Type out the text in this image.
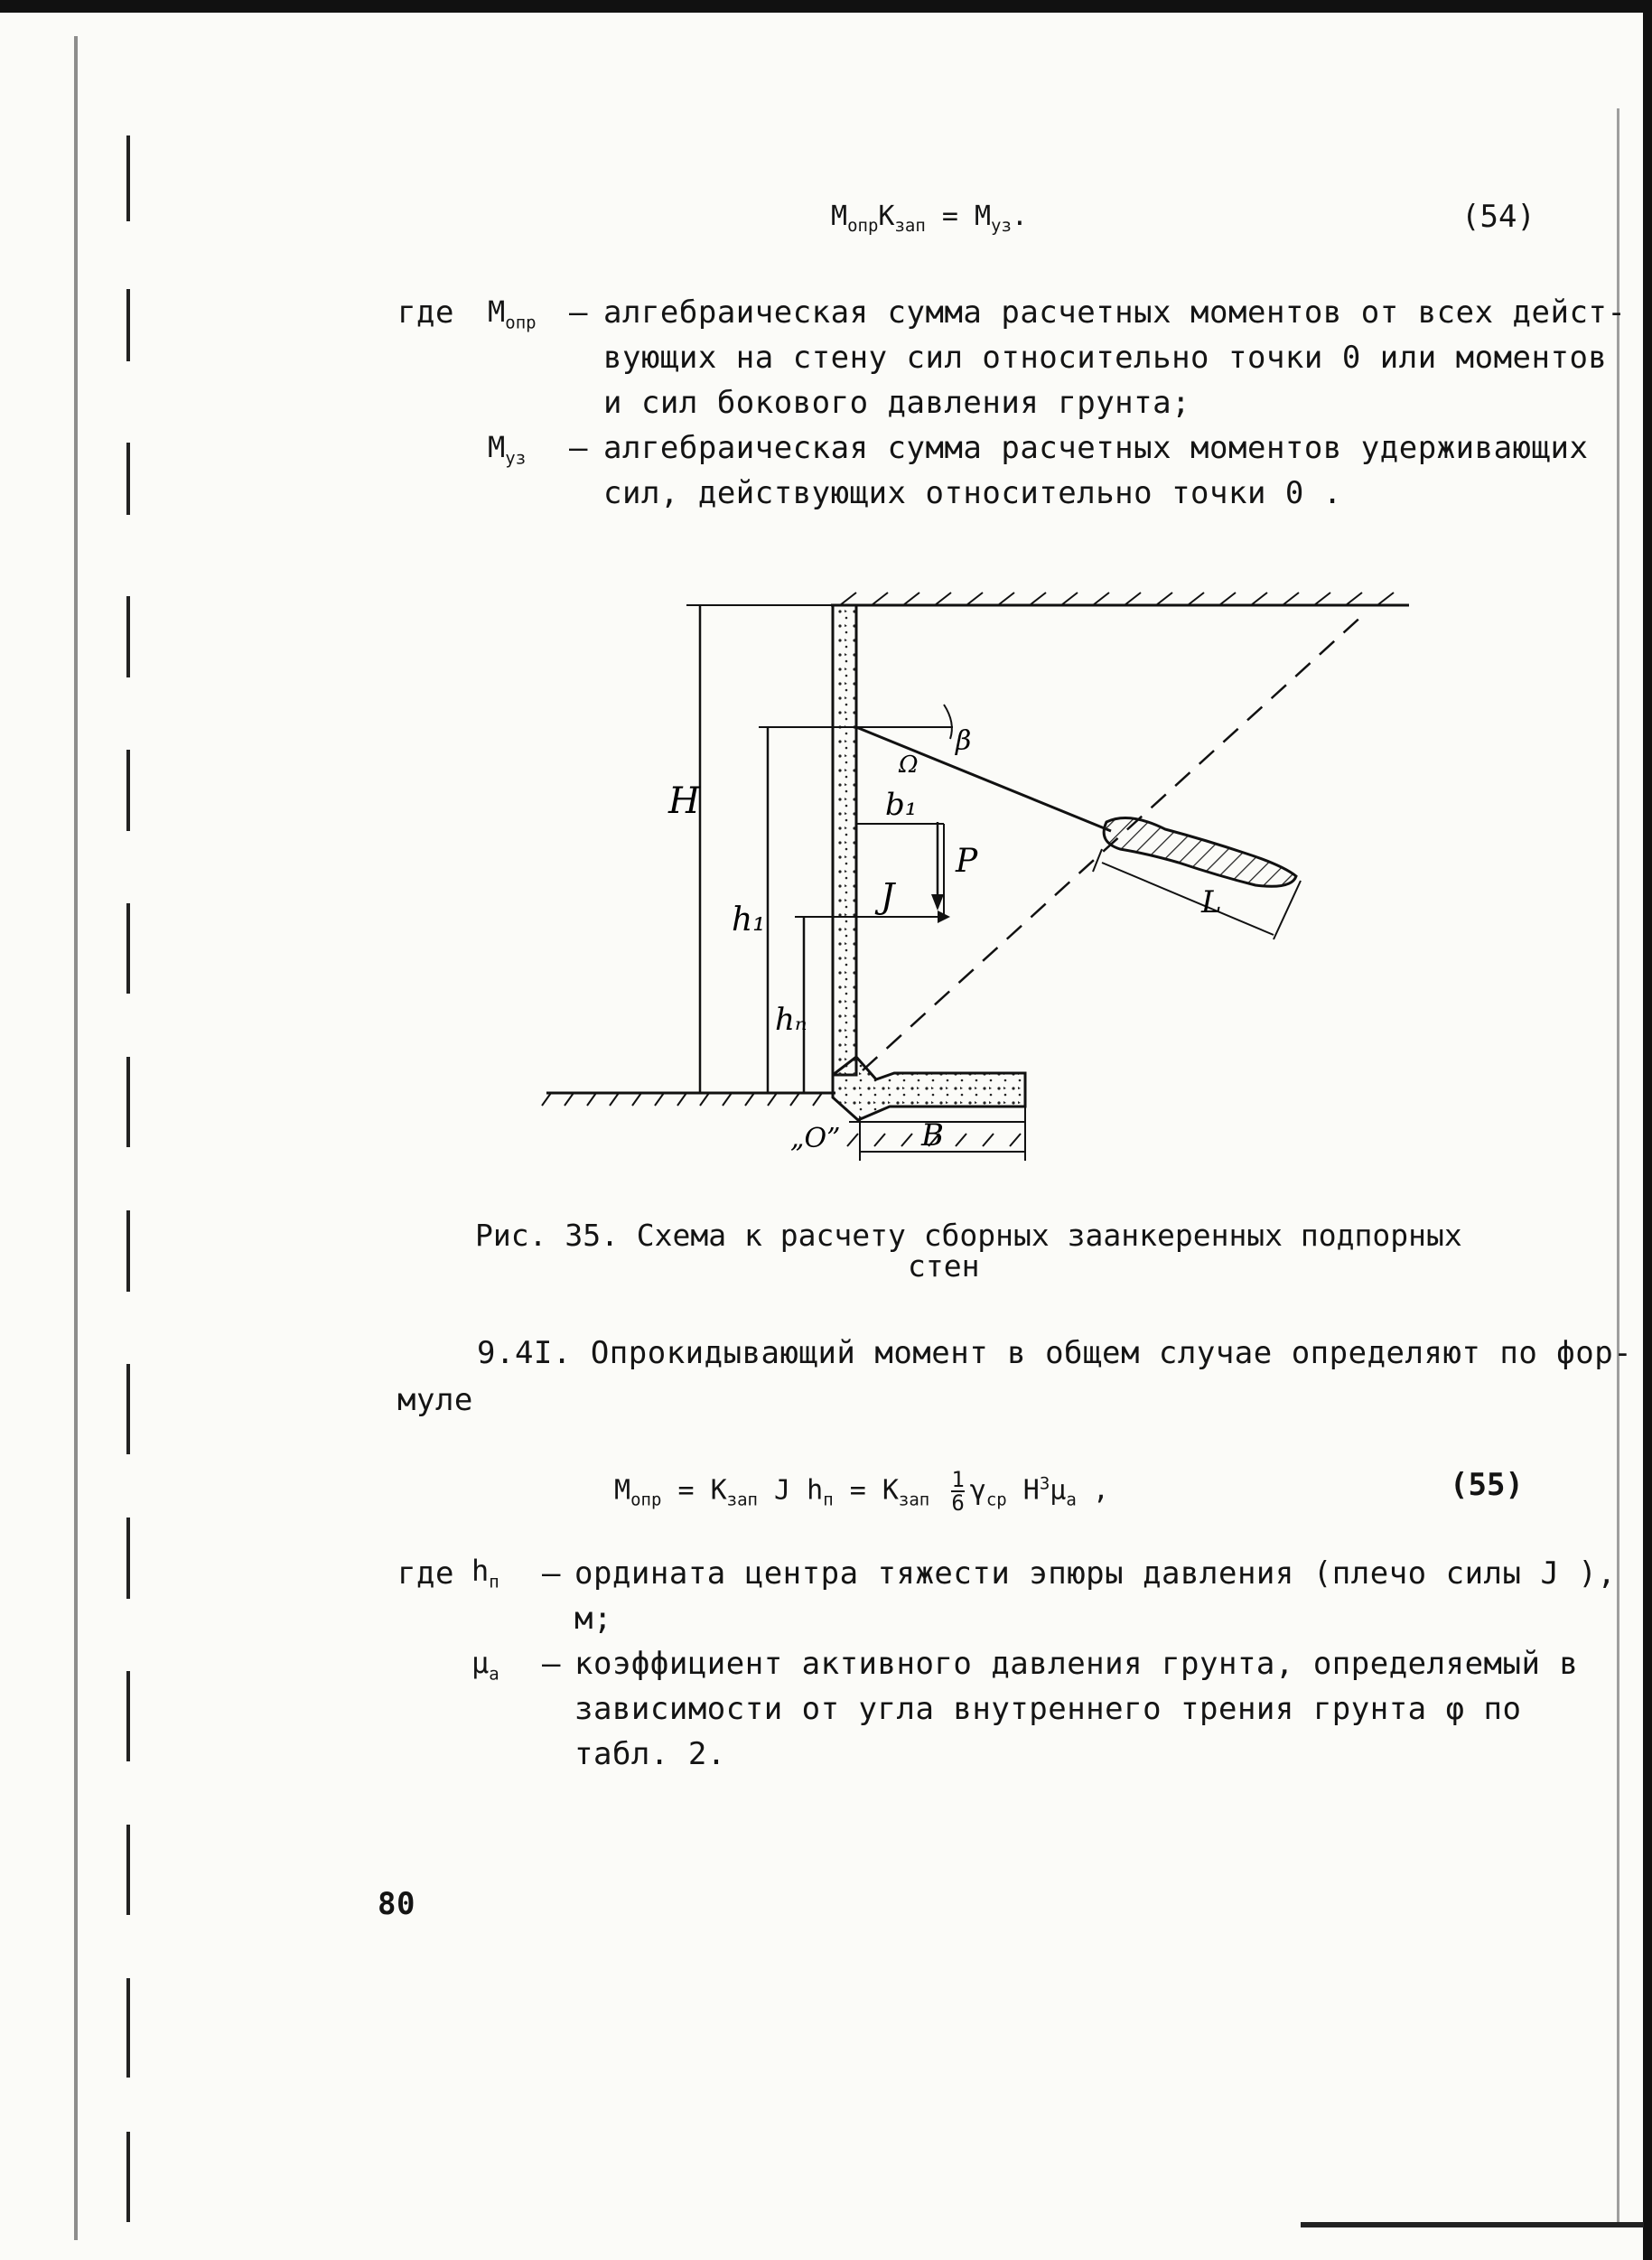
$M_{опр}K_{зап} = M_{уз}$.	(54)
где $M_{опр}$ – алгебраическая сумма расчетных моментов от всех дейст-
вующих на стену сил относительно точки 0 или моментов
и сил бокового давления грунта;
$M_{уз}$ – алгебраическая сумма расчетных моментов удерживающих
сил, действующих относительно точки 0 .
H
h₁
hₙ
b₁
P
J
β
Ω
L
„O”	B
Рис. 35. Схема к расчету сборных заанкеренных подпорных
стен
9.4I. Опрокидывающий момент в общем случае определяют по фор-
муле
$M_{опр} = K_{зап}$ J $h_п = K_{зап} \frac{1}{6} \gamma_{ср}$ $H^3\mu_a$ ,	(55)
где $h_п$ – ордината центра тяжести эпюры давления (плечо силы J ),
м;
$\mu_a$ – коэффициент активного давления грунта, определяемый в
зависимости от угла внутреннего трения грунта φ по
табл. 2.
80
